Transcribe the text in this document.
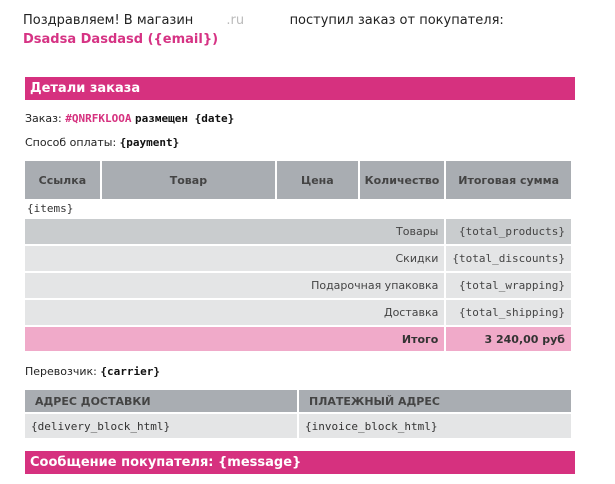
Поздравляем! В магазин        .ru	поступил заказ от покупателя:
Dsadsa Dasdasd ({email})
Детали заказа
Заказ: #QNRFKLOOA размещен {date}
Способ оплаты: {payment}
Ссылка	Товар	Цена	Количество	Итоговая сумма
{items}				
Товары				{total_products}
Скидки				{total_discounts}
Подарочная упаковка				{total_wrapping}
Доставка				{total_shipping}
Итого				3 240,00 руб
Перевозчик: {carrier}
АДРЕС ДОСТАВКИ	ПЛАТЕЖНЫЙ АДРЕС
{delivery_block_html}	{invoice_block_html}
Сообщение покупателя: {message}
